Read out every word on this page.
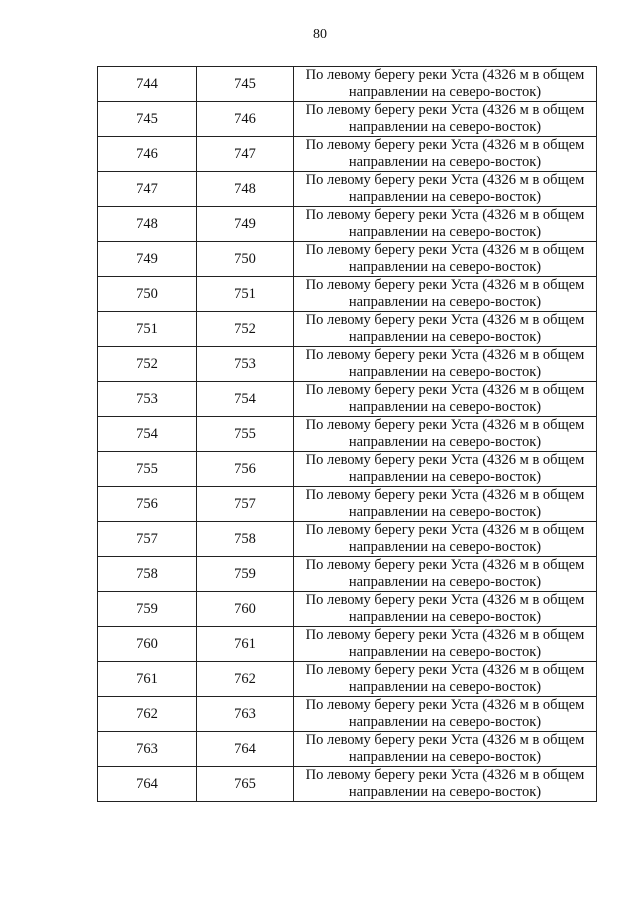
80
744	745	По левому берегу реки Уста (4326 м в общем направлении на северо-восток)
745	746	По левому берегу реки Уста (4326 м в общем направлении на северо-восток)
746	747	По левому берегу реки Уста (4326 м в общем направлении на северо-восток)
747	748	По левому берегу реки Уста (4326 м в общем направлении на северо-восток)
748	749	По левому берегу реки Уста (4326 м в общем направлении на северо-восток)
749	750	По левому берегу реки Уста (4326 м в общем направлении на северо-восток)
750	751	По левому берегу реки Уста (4326 м в общем направлении на северо-восток)
751	752	По левому берегу реки Уста (4326 м в общем направлении на северо-восток)
752	753	По левому берегу реки Уста (4326 м в общем направлении на северо-восток)
753	754	По левому берегу реки Уста (4326 м в общем направлении на северо-восток)
754	755	По левому берегу реки Уста (4326 м в общем направлении на северо-восток)
755	756	По левому берегу реки Уста (4326 м в общем направлении на северо-восток)
756	757	По левому берегу реки Уста (4326 м в общем направлении на северо-восток)
757	758	По левому берегу реки Уста (4326 м в общем направлении на северо-восток)
758	759	По левому берегу реки Уста (4326 м в общем направлении на северо-восток)
759	760	По левому берегу реки Уста (4326 м в общем направлении на северо-восток)
760	761	По левому берегу реки Уста (4326 м в общем направлении на северо-восток)
761	762	По левому берегу реки Уста (4326 м в общем направлении на северо-восток)
762	763	По левому берегу реки Уста (4326 м в общем направлении на северо-восток)
763	764	По левому берегу реки Уста (4326 м в общем направлении на северо-восток)
764	765	По левому берегу реки Уста (4326 м в общем направлении на северо-восток)
